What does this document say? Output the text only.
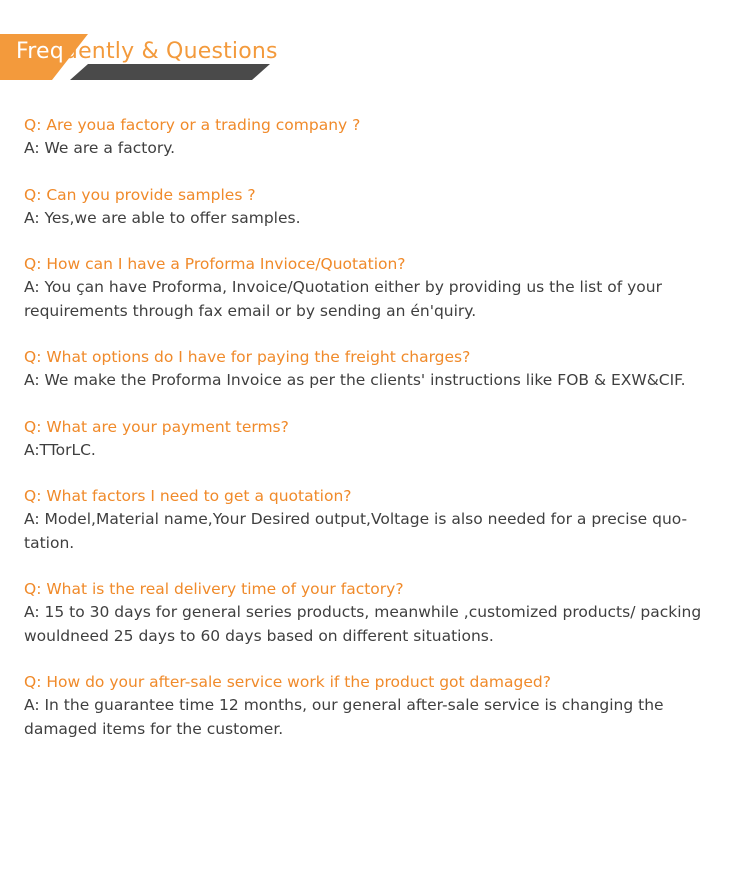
Frequently & Questions

Q: Are youa factory or a trading company ?

A: We are a factory.

Q: Can you provide samples ?

A: Yes,we are able to offer samples.

Q: How can I have a Proforma Invioce/Quotation?

A: You çan have Proforma, Invoice/Quotation either by providing us the list of your requirements through fax email or by sending an én'quiry.

Q: What options do I have for paying the freight charges?

A: We make the Proforma Invoice as per the clients' instructions like FOB & EXW&CIF.

Q: What are your payment terms?

A:TTorLC.

Q: What factors I need to get a quotation?

A: Model,Material name,Your Desired output,Voltage is also needed for a precise quo-tation.

Q: What is the real delivery time of your factory?

A: 15 to 30 days for general series products, meanwhile ,customized products/ packing wouldneed 25 days to 60 days based on different situations.

Q: How do your after-sale service work if the product got damaged?

A: In the guarantee time 12 months, our general after-sale service is changing the damaged items for the customer.
